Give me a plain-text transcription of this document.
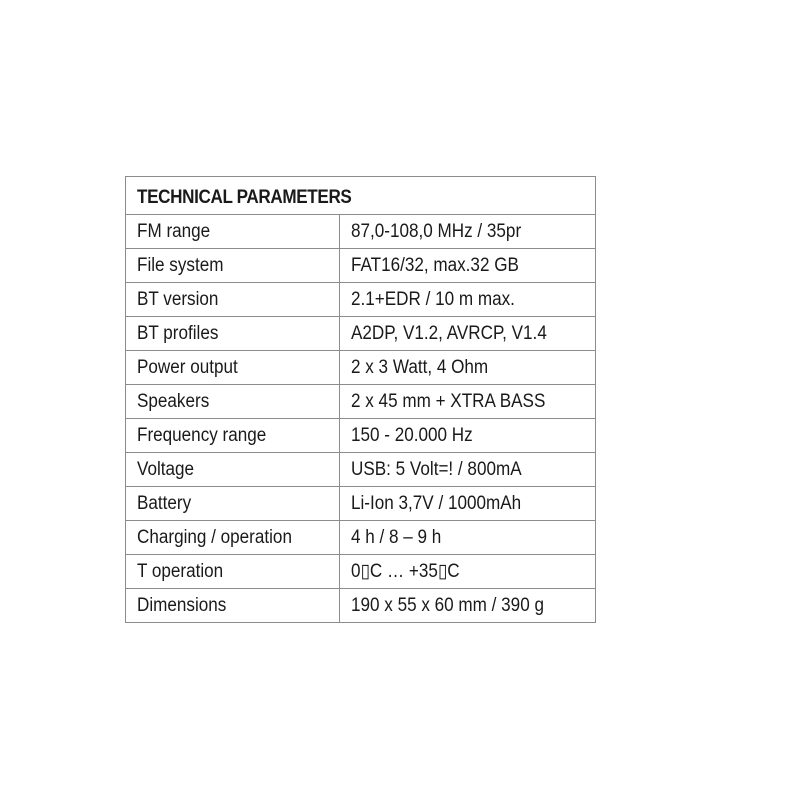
TECHNICAL PARAMETERS	
FM range	87,0-108,0 MHz / 35pr
File system	FAT16/32, max.32 GB
BT version	2.1+EDR / 10 m max.
BT profiles	A2DP, V1.2, AVRCP, V1.4
Power output	2 x 3 Watt, 4 Ohm
Speakers	2 x 45 mm + XTRA BASS
Frequency range	150 - 20.000 Hz
Voltage	USB: 5 Volt=! / 800mA
Battery	Li-Ion 3,7V / 1000mAh
Charging / operation	4 h / 8 – 9 h
T operation	0▯C … +35▯C
Dimensions	190 x 55 x 60 mm / 390 g
